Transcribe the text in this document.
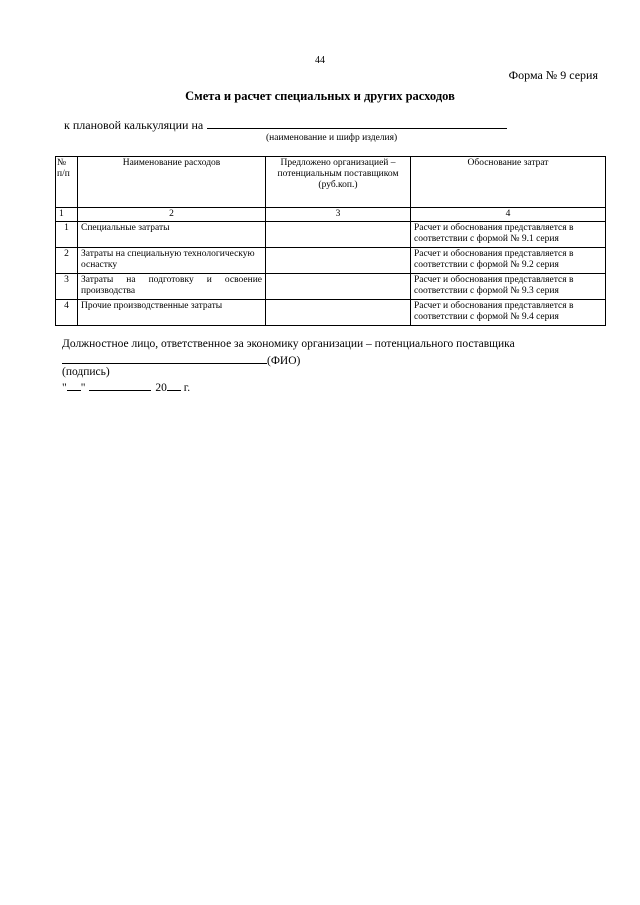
44
Форма № 9 серия
Смета и расчет специальных и других расходов
к плановой калькуляции на
(наименование и шифр изделия)
№ п/п	Наименование расходов	Предложено организацией – потенциальным поставщиком (руб.коп.)	Обоснование затрат
1	2	3	4
1	Специальные затраты		Расчет и обоснования представляется в соответствии с формой № 9.1 серия
2	Затраты на специальную технологическую оснастку		Расчет и обоснования представляется в соответствии с формой № 9.2 серия
3	Затраты на подготовку и освоение производства		Расчет и обоснования представляется в соответствии с формой № 9.3 серия
4	Прочие производственные затраты		Расчет и обоснования представляется в соответствии с формой № 9.4 серия
Должностное лицо, ответственное за экономику организации – потенциального поставщика
(ФИО)
(подпись)
" "	20 г.
